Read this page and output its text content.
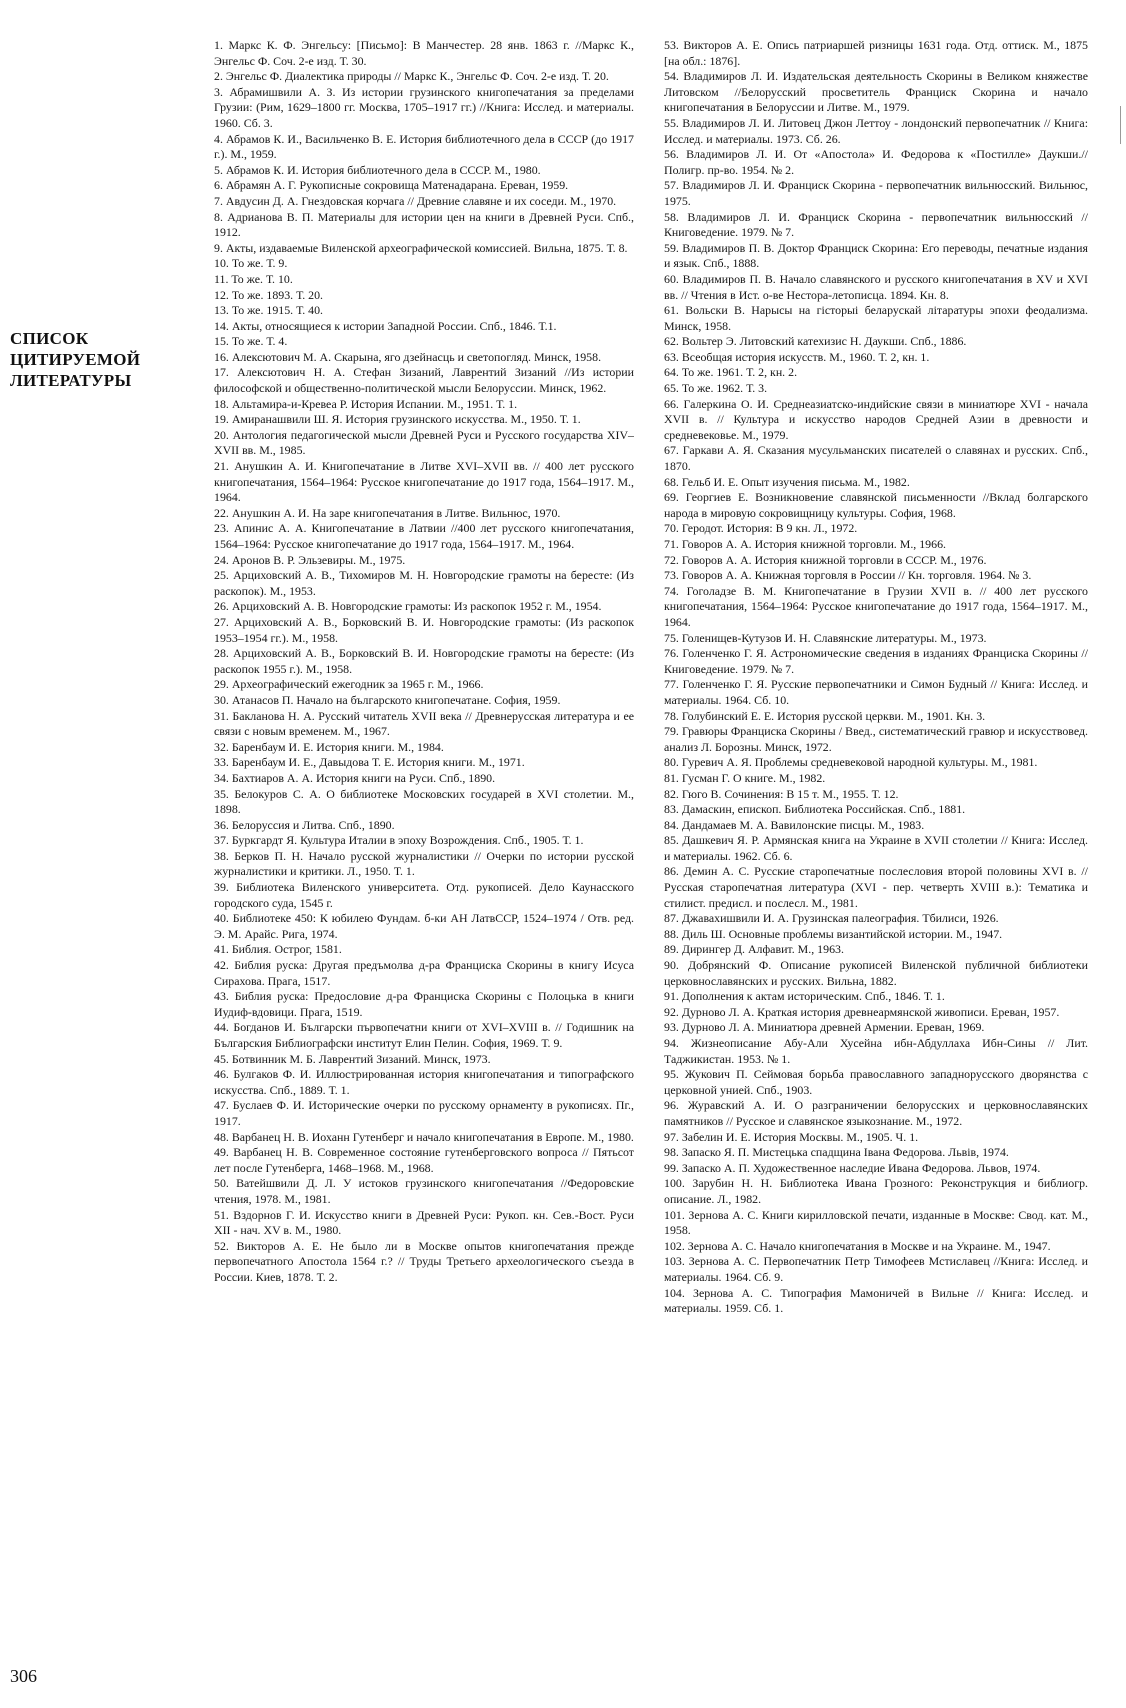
СПИСОК
ЦИТИРУЕМОЙ
ЛИТЕРАТУРЫ

1. Маркс К. Ф. Энгельсу: [Письмо]: В Манчестер. 28 янв. 1863 г. //Маркс К., Энгельс Ф. Соч. 2-е изд. Т. 30.

2. Энгельс Ф. Диалектика природы // Маркс К., Энгельс Ф. Соч. 2-е изд. Т. 20.

3. Абрамишвили А. З. Из истории грузинского книгопечатания за пределами Грузии: (Рим, 1629–1800 гг. Москва, 1705–1917 гг.) //Книга: Исслед. и материалы. 1960. Сб. 3.

4. Абрамов К. И., Васильченко В. Е. История библиотечного дела в СССР (до 1917 г.). М., 1959.

5. Абрамов К. И. История библиотечного дела в СССР. М., 1980.

6. Абрамян А. Г. Рукописные сокровища Матенадарана. Ереван, 1959.

7. Авдусин Д. А. Гнездовская корчага // Древние славяне и их соседи. М., 1970.

8. Адрианова В. П. Материалы для истории цен на книги в Древней Руси. Спб., 1912.

9. Акты, издаваемые Виленской археографической комиссией. Вильна, 1875. Т. 8.

10. То же. Т. 9.

11. То же. Т. 10.

12. То же. 1893. Т. 20.

13. То же. 1915. Т. 40.

14. Акты, относящиеся к истории Западной России. Спб., 1846. Т.1.

15. То же. Т. 4.

16. Алексютович М. А. Скарына, яго дзейнасць и светопогляд. Минск, 1958.

17. Алексютович Н. А. Стефан Зизаний, Лаврентий Зизаний //Из истории философской и общественно-политической мысли Белоруссии. Минск, 1962.

18. Альтамира-и-Кревеа Р. История Испании. М., 1951. Т. 1.

19. Амиранашвили Ш. Я. История грузинского искусства. М., 1950. Т. 1.

20. Антология педагогической мысли Древней Руси и Русского государства XIV–XVII вв. М., 1985.

21. Анушкин А. И. Книгопечатание в Литве XVI–XVII вв. // 400 лет русского книгопечатания, 1564–1964: Русское книгопечатание до 1917 года, 1564–1917. М., 1964.

22. Анушкин А. И. На заре книгопечатания в Литве. Вильнюс, 1970.

23. Апинис А. А. Книгопечатание в Латвии //400 лет русского книгопечатания, 1564–1964: Русское книгопечатание до 1917 года, 1564–1917. М., 1964.

24. Аронов В. Р. Эльзевиры. М., 1975.

25. Арциховский А. В., Тихомиров М. Н. Новгородские грамоты на бересте: (Из раскопок). М., 1953.

26. Арциховский А. В. Новгородские грамоты: Из раскопок 1952 г. М., 1954.

27. Арциховский А. В., Борковский В. И. Новгородские грамоты: (Из раскопок 1953–1954 гг.). М., 1958.

28. Арциховский А. В., Борковский В. И. Новгородские грамоты на бересте: (Из раскопок 1955 г.). М., 1958.

29. Археографический ежегодник за 1965 г. М., 1966.

30. Атанасов П. Начало на българското книгопечатане. София, 1959.

31. Бакланова Н. А. Русский читатель XVII века // Древнерусская литература и ее связи с новым временем. М., 1967.

32. Баренбаум И. Е. История книги. М., 1984.

33. Баренбаум И. Е., Давыдова Т. Е. История книги. М., 1971.

34. Бахтиаров А. А. История книги на Руси. Спб., 1890.

35. Белокуров С. А. О библиотеке Московских государей в XVI столетии. М., 1898.

36. Белоруссия и Литва. Спб., 1890.

37. Буркгардт Я. Культура Италии в эпоху Возрождения. Спб., 1905. Т. 1.

38. Берков П. Н. Начало русской журналистики // Очерки по истории русской журналистики и критики. Л., 1950. Т. 1.

39. Библиотека Виленского университета. Отд. рукописей. Дело Каунасского городского суда, 1545 г.

40. Библиотеке 450: К юбилею Фундам. б-ки АН ЛатвССР, 1524–1974 / Отв. ред. Э. М. Арайс. Рига, 1974.

41. Библия. Острог, 1581.

42. Библия руска: Другая предъмолва д-ра Франциска Скорины в книгу Исуса Сирахова. Прага, 1517.

43. Библия руска: Предословие д-ра Франциска Скорины с Полоцька в книги Иудиф-вдовици. Прага, 1519.

44. Богданов И. Български първопечатни книги от XVI–XVIII в. // Годишник на Българския Библиографски институт Елин Пелин. София, 1969. Т. 9.

45. Ботвинник М. Б. Лаврентий Зизаний. Минск, 1973.

46. Булгаков Ф. И. Иллюстрированная история книгопечатания и типографского искусства. Спб., 1889. Т. 1.

47. Буслаев Ф. И. Исторические очерки по русскому орнаменту в рукописях. Пг., 1917.

48. Варбанец Н. В. Иоханн Гутенберг и начало книгопечатания в Европе. М., 1980.

49. Варбанец Н. В. Современное состояние гутенберговского вопроса // Пятьсот лет после Гутенберга, 1468–1968. М., 1968.

50. Ватейшвили Д. Л. У истоков грузинского книгопечатания //Федоровские чтения, 1978. М., 1981.

51. Вздорнов Г. И. Искусство книги в Древней Руси: Рукоп. кн. Сев.-Вост. Руси XII - нач. XV в. М., 1980.

52. Викторов А. Е. Не было ли в Москве опытов книгопечатания прежде первопечатного Апостола 1564 г.? // Труды Третьего археологического съезда в России. Киев, 1878. Т. 2.

53. Викторов А. Е. Опись патриаршей ризницы 1631 года. Отд. оттиск. М., 1875 [на обл.: 1876].

54. Владимиров Л. И. Издательская деятельность Скорины в Великом княжестве Литовском //Белорусский просветитель Франциск Скорина и начало книгопечатания в Белоруссии и Литве. М., 1979.

55. Владимиров Л. И. Литовец Джон Леттоу - лондонский первопечатник // Книга: Исслед. и материалы. 1973. Сб. 26.

56. Владимиров Л. И. От «Апостола» И. Федорова к «Постилле» Даукши.// Полигр. пр-во. 1954. № 2.

57. Владимиров Л. И. Франциск Скорина - первопечатник вильнюсский. Вильнюс, 1975.

58. Владимиров Л. И. Франциск Скорина - первопечатник вильнюсский // Книговедение. 1979. № 7.

59. Владимиров П. В. Доктор Франциск Скорина: Его переводы, печатные издания и язык. Спб., 1888.

60. Владимиров П. В. Начало славянского и русского книгопечатания в XV и XVI вв. // Чтения в Ист. о-ве Нестора-летописца. 1894. Кн. 8.

61. Вольски В. Нарысы на гісторыі беларускай літаратуры эпохи феодализма. Минск, 1958.

62. Вольтер Э. Литовский катехизис Н. Даукши. Спб., 1886.

63. Всеобщая история искусств. М., 1960. Т. 2, кн. 1.

64. То же. 1961. Т. 2, кн. 2.

65. То же. 1962. Т. 3.

66. Галеркина О. И. Среднеазиатско-индийские связи в миниатюре XVI - начала XVII в. // Культура и искусство народов Средней Азии в древности и средневековье. М., 1979.

67. Гаркави А. Я. Сказания мусульманских писателей о славянах и русских. Спб., 1870.

68. Гельб И. Е. Опыт изучения письма. М., 1982.

69. Георгиев Е. Возникновение славянской письменности //Вклад болгарского народа в мировую сокровищницу культуры. София, 1968.

70. Геродот. История: В 9 кн. Л., 1972.

71. Говоров А. А. История книжной торговли. М., 1966.

72. Говоров А. А. История книжной торговли в СССР. М., 1976.

73. Говоров А. А. Книжная торговля в России // Кн. торговля. 1964. № 3.

74. Гоголадзе В. М. Книгопечатание в Грузии XVII в. // 400 лет русского книгопечатания, 1564–1964: Русское книгопечатание до 1917 года, 1564–1917. М., 1964.

75. Голенищев-Кутузов И. Н. Славянские литературы. М., 1973.

76. Голенченко Г. Я. Астрономические сведения в изданиях Франциска Скорины // Книговедение. 1979. № 7.

77. Голенченко Г. Я. Русские первопечатники и Симон Будный // Книга: Исслед. и материалы. 1964. Сб. 10.

78. Голубинский Е. Е. История русской церкви. М., 1901. Кн. 3.

79. Гравюры Франциска Скорины / Введ., систематический гравюр и искусствовед. анализ Л. Борозны. Минск, 1972.

80. Гуревич А. Я. Проблемы средневековой народной культуры. М., 1981.

81. Гусман Г. О книге. М., 1982.

82. Гюго В. Сочинения: В 15 т. М., 1955. Т. 12.

83. Дамаскин, епископ. Библиотека Российская. Спб., 1881.

84. Дандамаев М. А. Вавилонские писцы. М., 1983.

85. Дашкевич Я. Р. Армянская книга на Украине в XVII столетии // Книга: Исслед. и материалы. 1962. Сб. 6.

86. Демин А. С. Русские старопечатные послесловия второй половины XVI в. // Русская старопечатная литература (XVI - пер. четверть XVIII в.): Тематика и стилист. предисл. и послесл. М., 1981.

87. Джавахишвили И. А. Грузинская палеография. Тбилиси, 1926.

88. Диль Ш. Основные проблемы византийской истории. М., 1947.

89. Дирингер Д. Алфавит. М., 1963.

90. Добрянский Ф. Описание рукописей Виленской публичной библиотеки церковнославянских и русских. Вильна, 1882.

91. Дополнения к актам историческим. Спб., 1846. Т. 1.

92. Дурново Л. А. Краткая история древнеармянской живописи. Ереван, 1957.

93. Дурново Л. А. Миниатюра древней Армении. Ереван, 1969.

94. Жизнеописание Абу-Али Хусейна ибн-Абдуллаха Ибн-Сины // Лит. Таджикистан. 1953. № 1.

95. Жукович П. Сеймовая борьба православного западнорусского дворянства с церковной унией. Спб., 1903.

96. Журавский А. И. О разграничении белорусских и церковнославянских памятников // Русское и славянское языкознание. М., 1972.

97. Забелин И. Е. История Москвы. М., 1905. Ч. 1.

98. Запаско Я. П. Мистецька спадщина Івана Федорова. Львів, 1974.

99. Запаско А. П. Художественное наследие Ивана Федорова. Львов, 1974.

100. Зарубин Н. Н. Библиотека Ивана Грозного: Реконструкция и библиогр. описание. Л., 1982.

101. Зернова А. С. Книги кирилловской печати, изданные в Москве: Свод. кат. М., 1958.

102. Зернова А. С. Начало книгопечатания в Москве и на Украине. М., 1947.

103. Зернова А. С. Первопечатник Петр Тимофеев Мстиславец //Книга: Исслед. и материалы. 1964. Сб. 9.

104. Зернова А. С. Типография Мамоничей в Вильне // Книга: Исслед. и материалы. 1959. Сб. 1.

306
